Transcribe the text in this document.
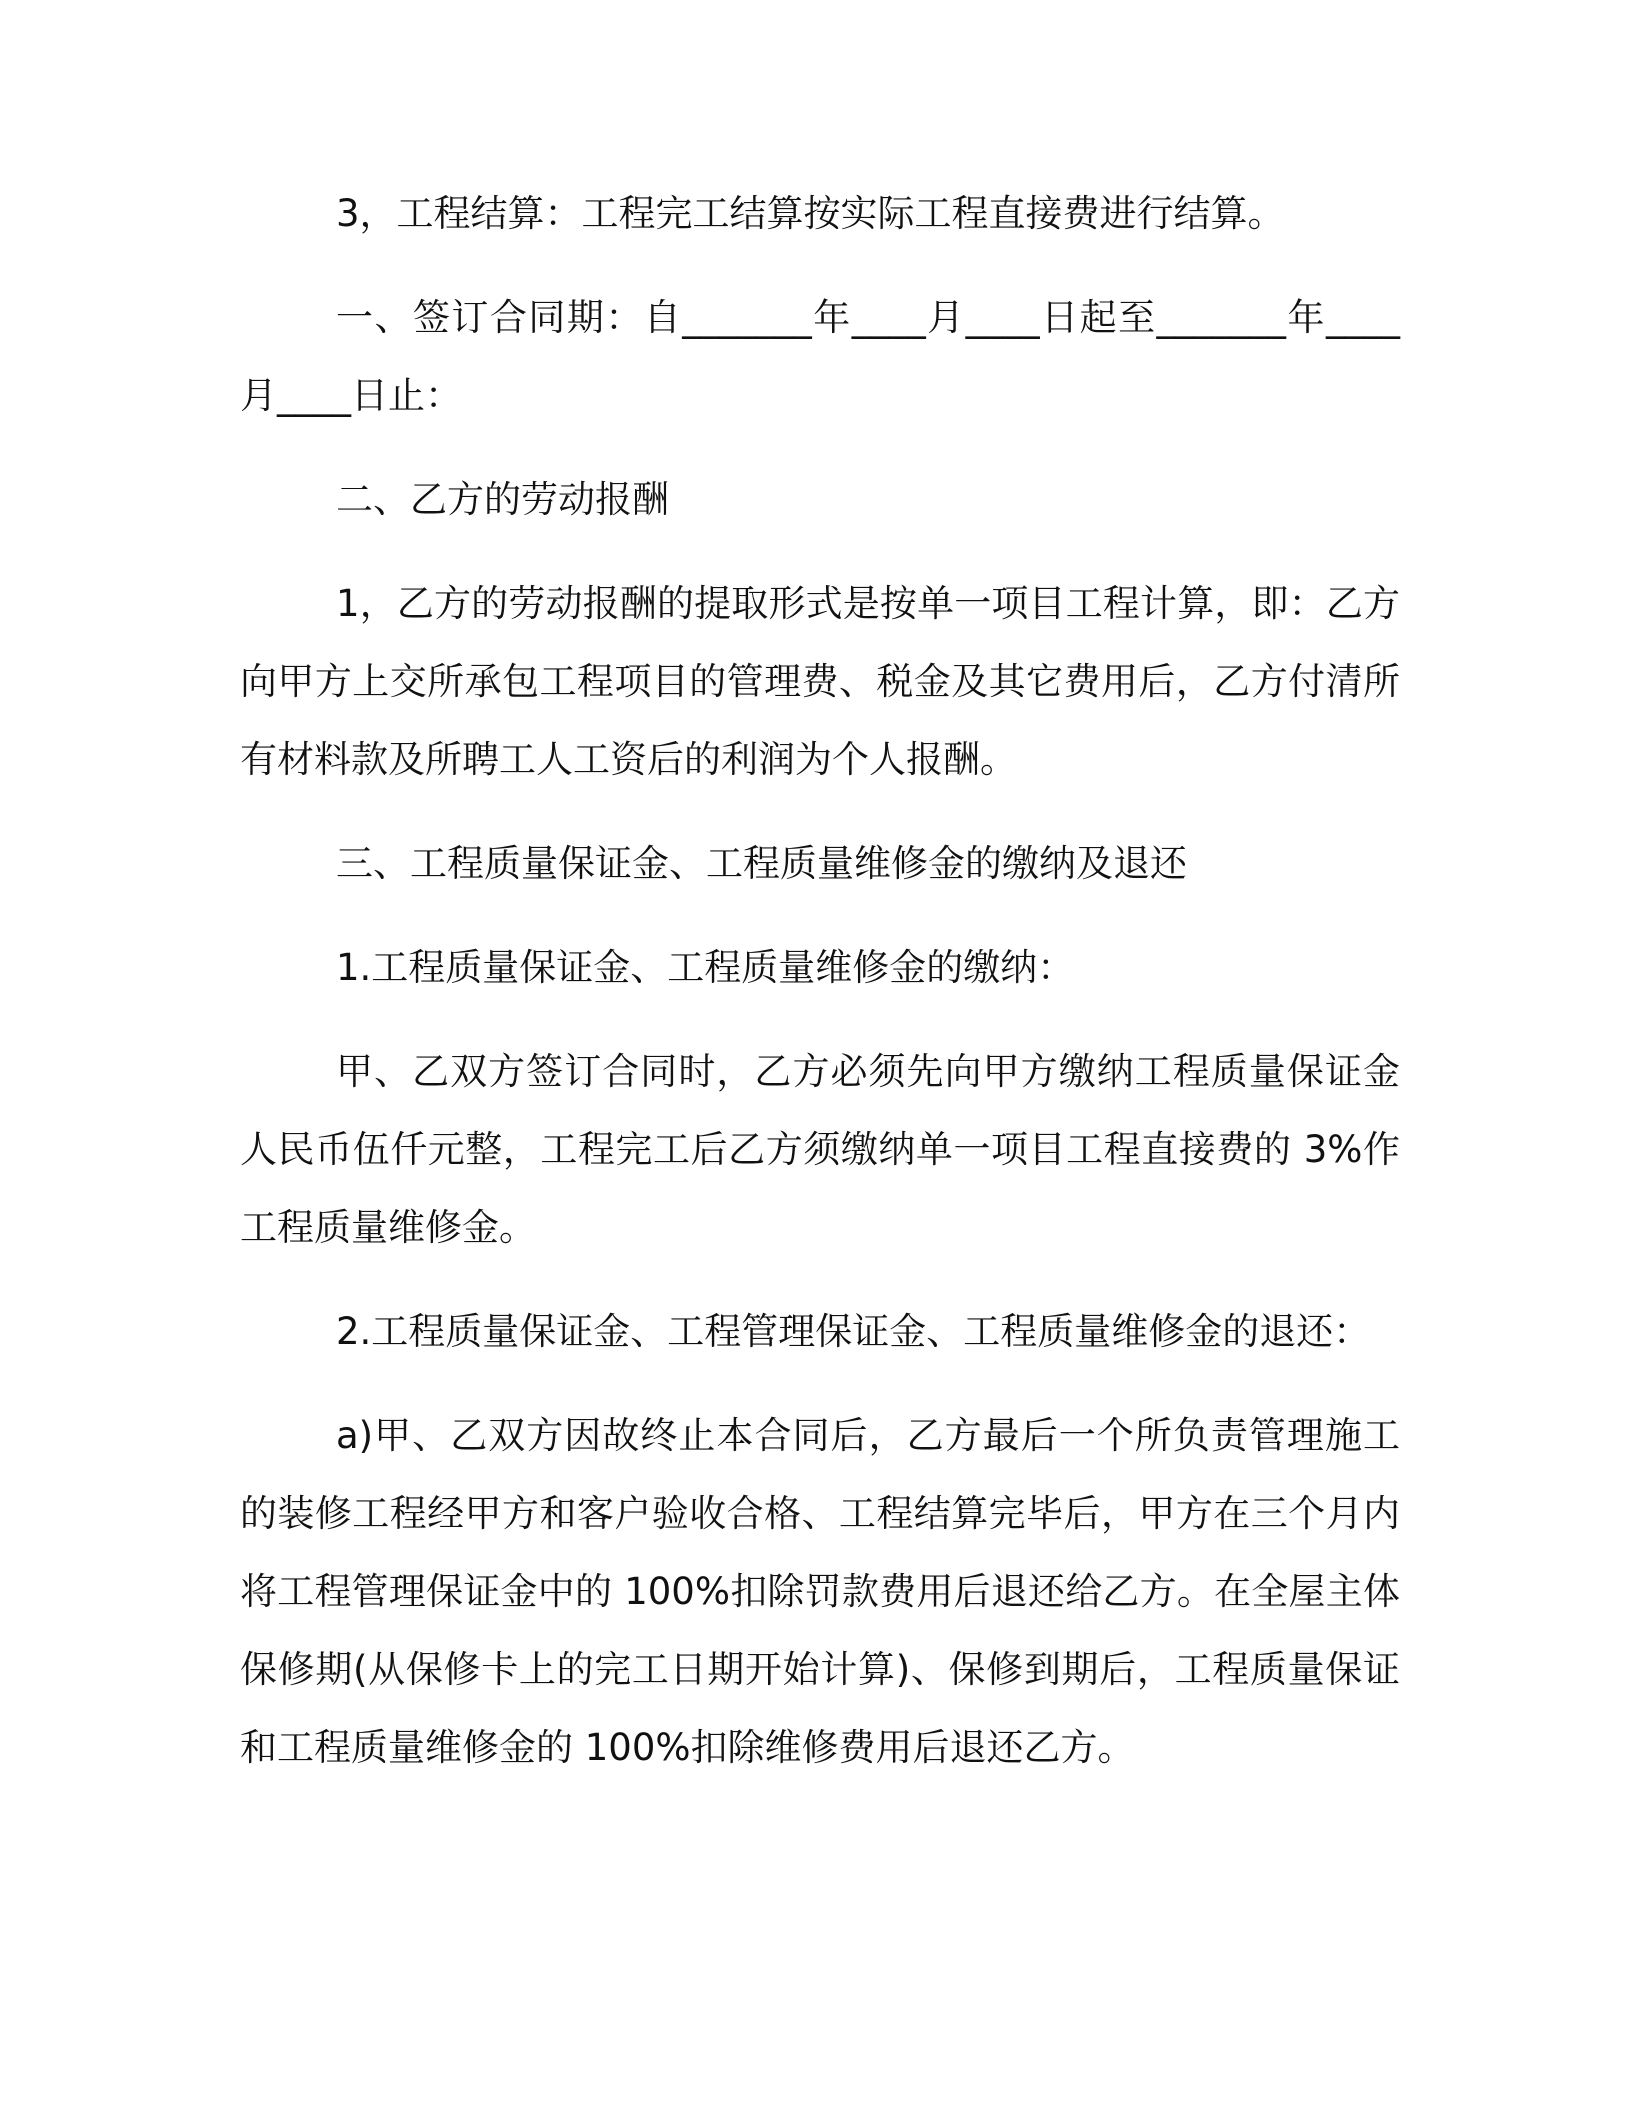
3，工程结算：工程完工结算按实际工程直接费进行结算。

一、签订合同期：自_______年____月____日起至_______年____月____日止：

二、乙方的劳动报酬

1，乙方的劳动报酬的提取形式是按单一项目工程计算，即：乙方向甲方上交所承包工程项目的管理费、税金及其它费用后，乙方付清所有材料款及所聘工人工资后的利润为个人报酬。

三、工程质量保证金、工程质量维修金的缴纳及退还

1.工程质量保证金、工程质量维修金的缴纳：

甲、乙双方签订合同时，乙方必须先向甲方缴纳工程质量保证金人民币伍仟元整，工程完工后乙方须缴纳单一项目工程直接费的 3%作工程质量维修金。

2.工程质量保证金、工程管理保证金、工程质量维修金的退还：

a)甲、乙双方因故终止本合同后，乙方最后一个所负责管理施工的装修工程经甲方和客户验收合格、工程结算完毕后，甲方在三个月内将工程管理保证金中的 100%扣除罚款费用后退还给乙方。在全屋主体保修期(从保修卡上的完工日期开始计算)、保修到期后，工程质量保证和工程质量维修金的 100%扣除维修费用后退还乙方。
